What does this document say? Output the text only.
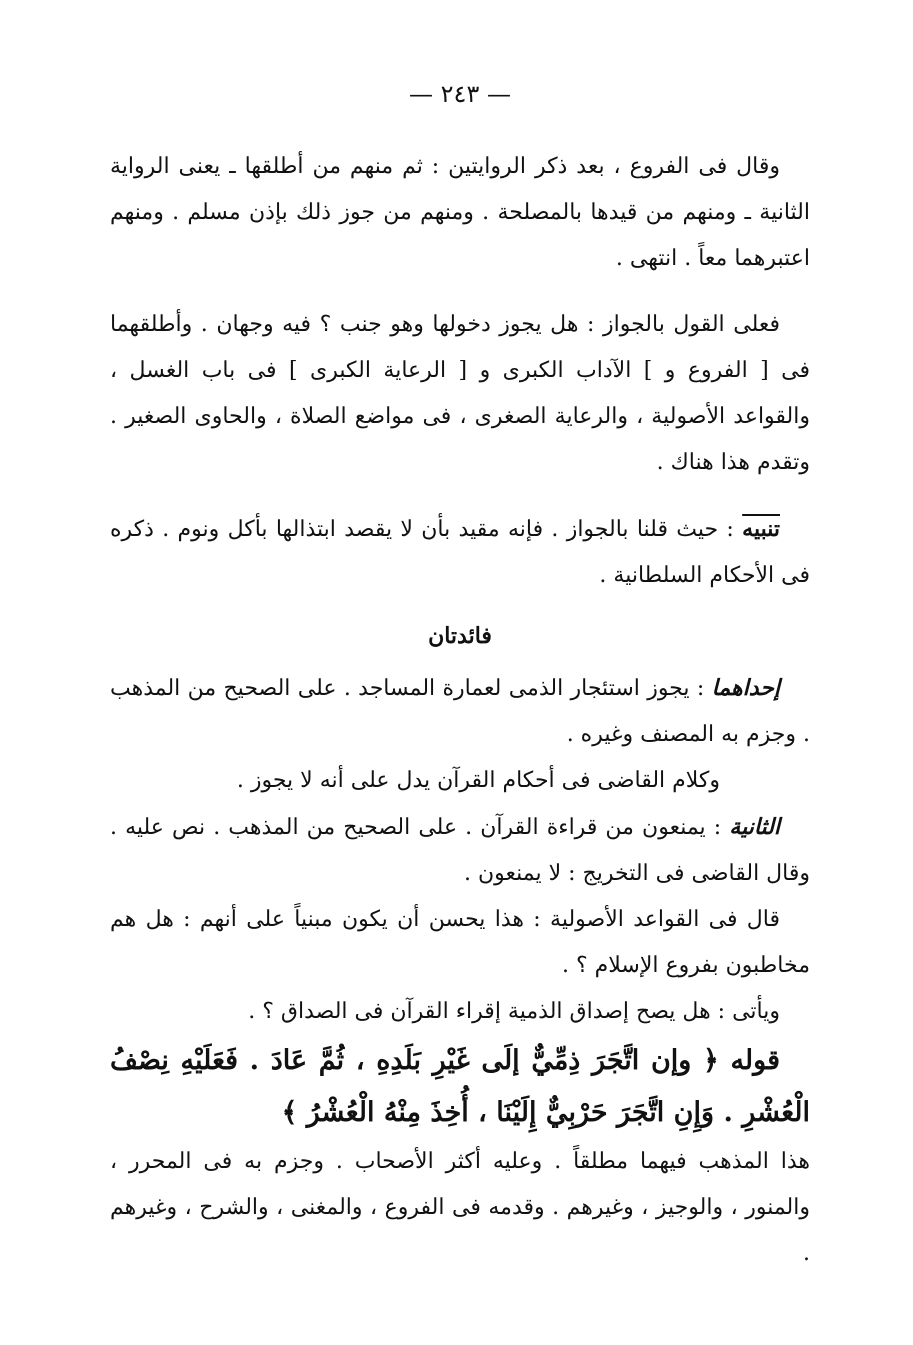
— ٢٤٣ —

وقال فى الفروع ، بعد ذكر الروايتين : ثم منهم من أطلقها ـ يعنى الرواية الثانية ـ ومنهم من قيدها بالمصلحة . ومنهم من جوز ذلك بإذن مسلم . ومنهم اعتبرهما معاً . انتهى .

فعلى القول بالجواز : هل يجوز دخولها وهو جنب ؟ فيه وجهان . وأطلقهما فى [ الفروع و ] الآداب الكبرى و [ الرعاية الكبرى ] فى باب الغسل ، والقواعد الأصولية ، والرعاية الصغرى ، فى مواضع الصلاة ، والحاوى الصغير . وتقدم هذا هناك .

تنبيه : حيث قلنا بالجواز . فإنه مقيد بأن لا يقصد ابتذالها بأكل ونوم . ذكره فى الأحكام السلطانية .

فائدتان

إحداهما : يجوز استئجار الذمى لعمارة المساجد . على الصحيح من المذهب . وجزم به المصنف وغيره .

وكلام القاضى فى أحكام القرآن يدل على أنه لا يجوز .

الثانية : يمنعون من قراءة القرآن . على الصحيح من المذهب . نص عليه . وقال القاضى فى التخريج : لا يمنعون .

قال فى القواعد الأصولية : هذا يحسن أن يكون مبنياً على أنهم : هل هم مخاطبون بفروع الإسلام ؟ .

ويأتى : هل يصح إصداق الذمية إقراء القرآن فى الصداق ؟ .

قوله ﴿ وإن اتَّجَرَ ذِمِّيٌّ إلَى غَيْرِ بَلَدِهِ ، ثُمَّ عَادَ . فَعَلَيْهِ نِصْفُ الْعُشْرِ . وَإِنِ اتَّجَرَ حَرْبِيٌّ إِلَيْنَا ، أُخِذَ مِنْهُ الْعُشْرُ ﴾

هذا المذهب فيهما مطلقاً . وعليه أكثر الأصحاب . وجزم به فى المحرر ، والمنور ، والوجيز ، وغيرهم . وقدمه فى الفروع ، والمغنى ، والشرح ، وغيرهم .
